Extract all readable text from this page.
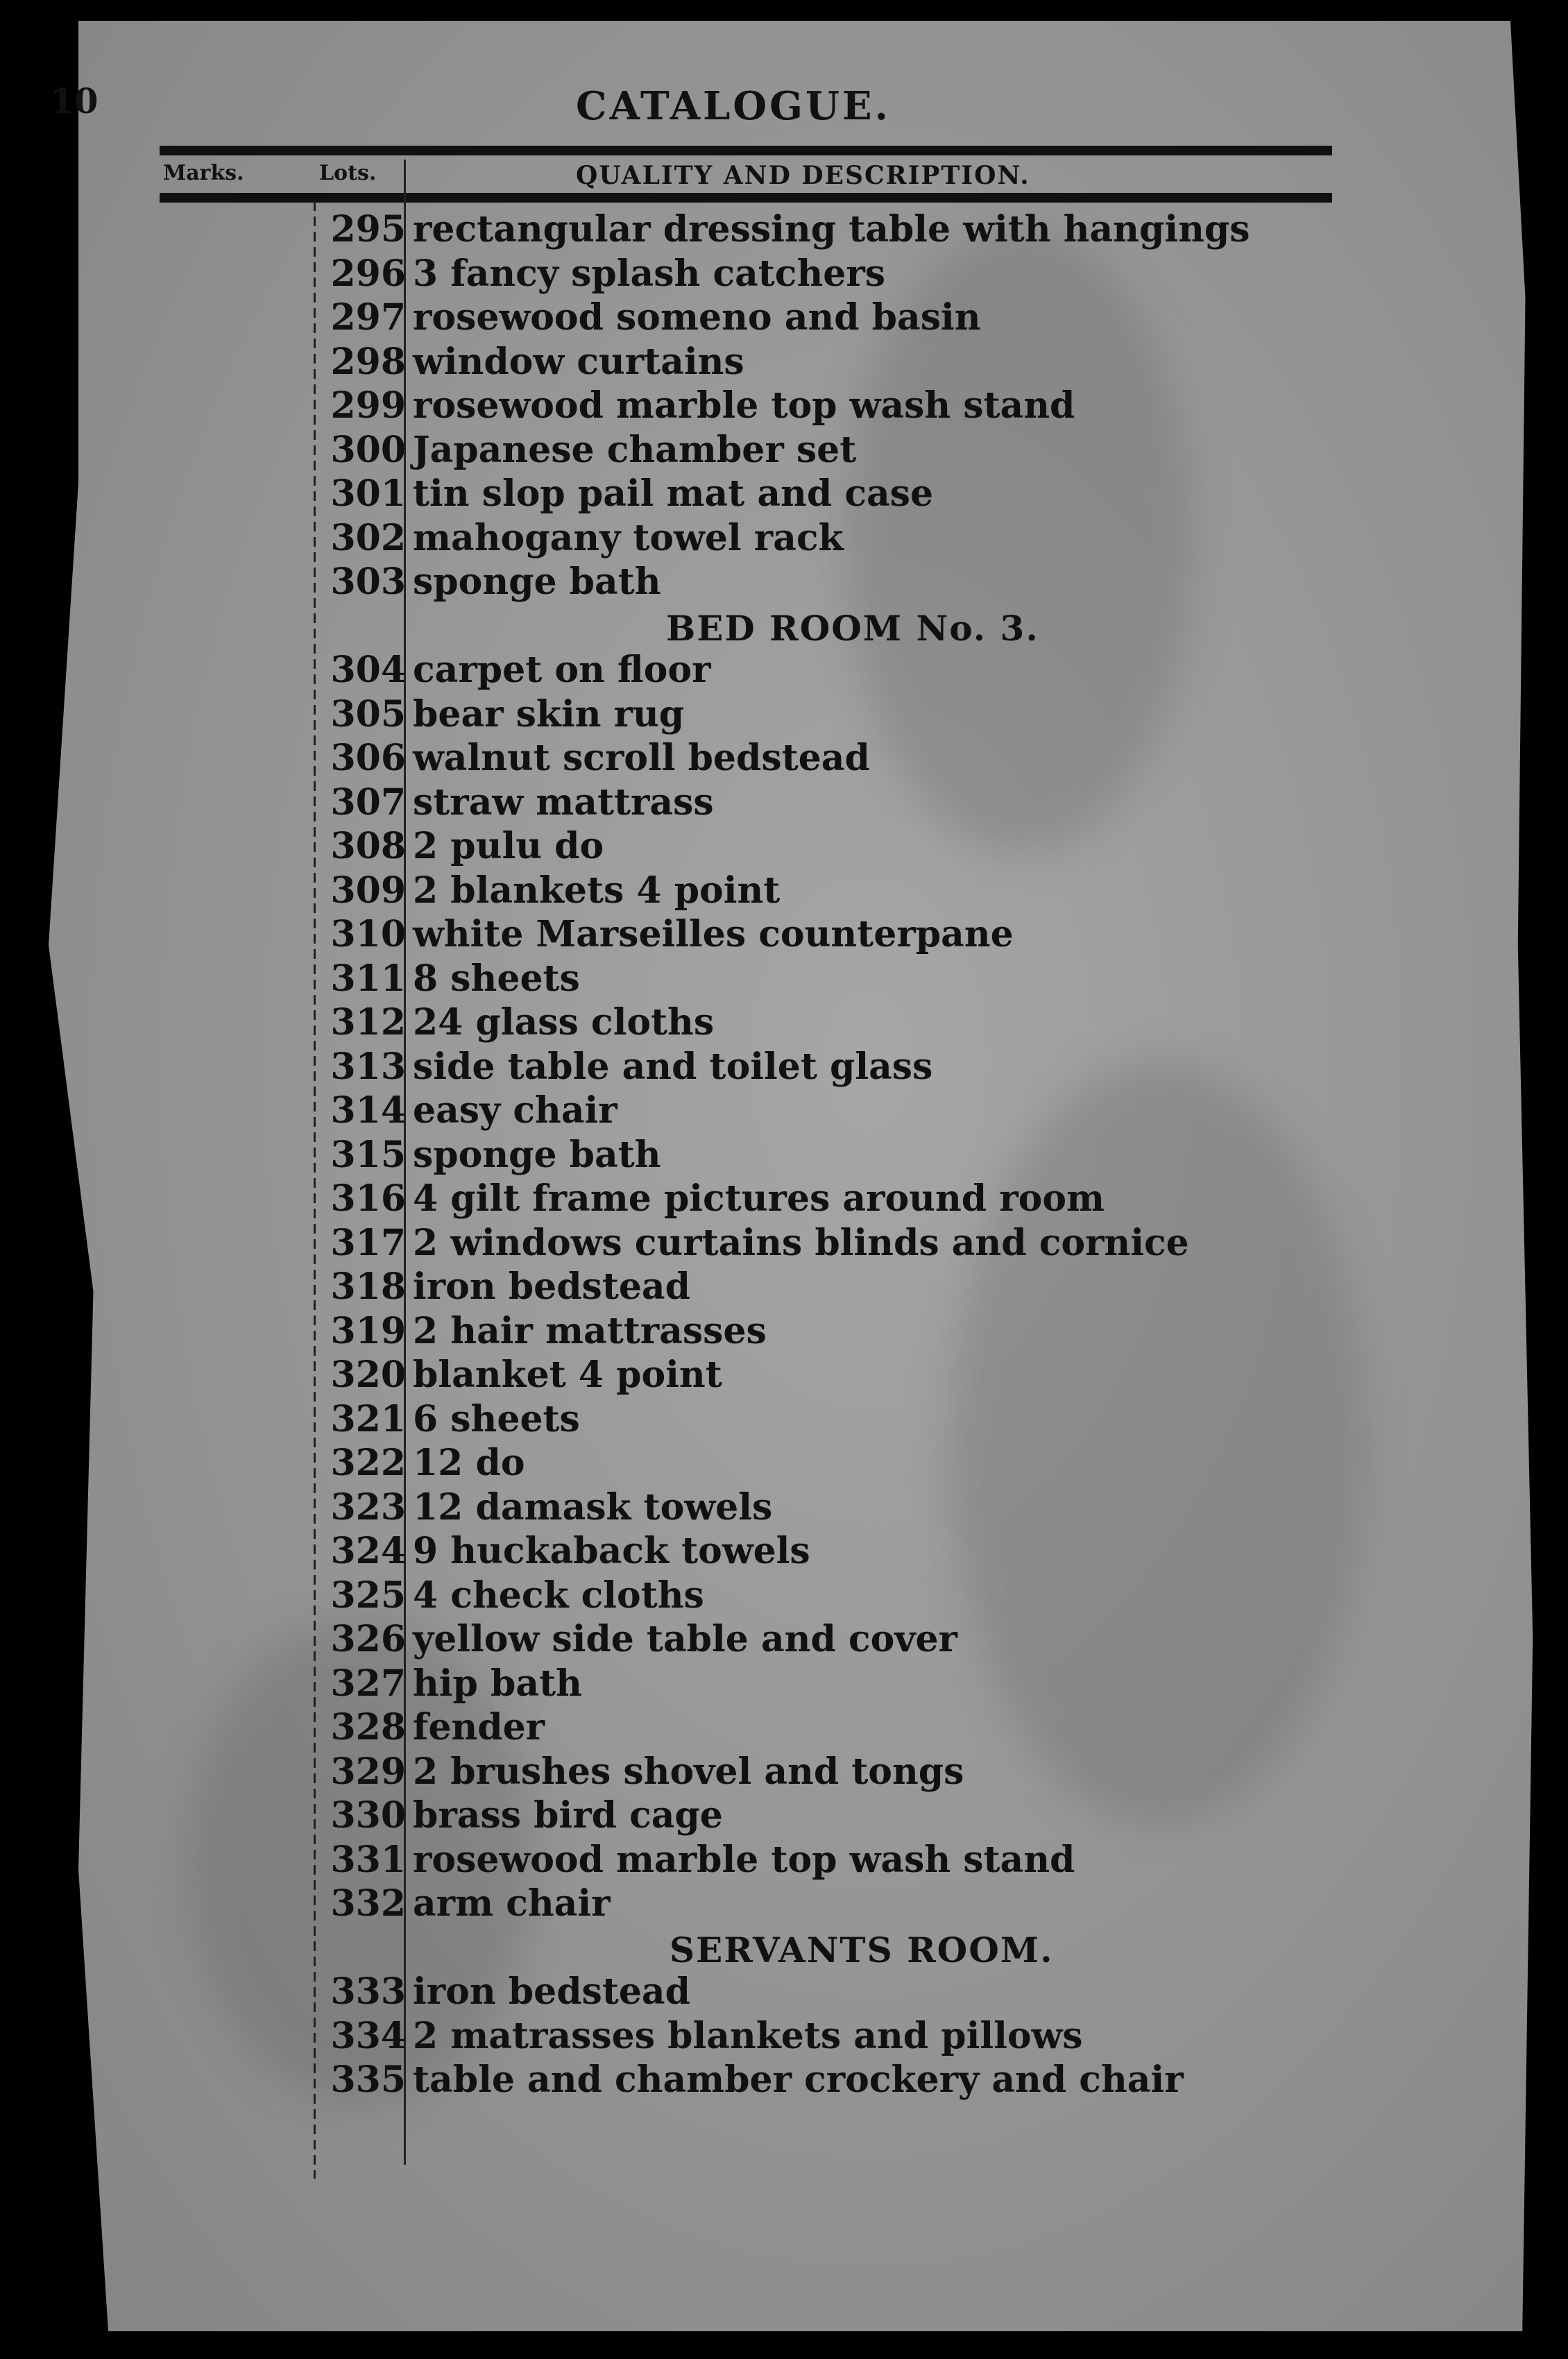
10	CATALOGUE.
Marks.	Lots.	QUALITY AND DESCRIPTION.
295 rectangular dressing table with hangings
296 3 fancy splash catchers
297 rosewood someno and basin
298 window curtains
299 rosewood marble top wash stand
300 Japanese chamber set
301 tin slop pail mat and case
302 mahogany towel rack
303 sponge bath
BED ROOM No. 3.
304 carpet on floor
305 bear skin rug
306 walnut scroll bedstead
307 straw mattrass
308 2 pulu do
309 2 blankets 4 point
310 white Marseilles counterpane
311 8 sheets
312 24 glass cloths
313 side table and toilet glass
314 easy chair
315 sponge bath
316 4 gilt frame pictures around room
317 2 windows curtains blinds and cornice
318 iron bedstead
319 2 hair mattrasses
320 blanket 4 point
321 6 sheets
322 12 do
323 12 damask towels
324 9 huckaback towels
325 4 check cloths
326 yellow side table and cover
327 hip bath
328 fender
329 2 brushes shovel and tongs
330 brass bird cage
331 rosewood marble top wash stand
332 arm chair
SERVANTS ROOM.
333 iron bedstead
334 2 matrasses blankets and pillows
335 table and chamber crockery and chair
